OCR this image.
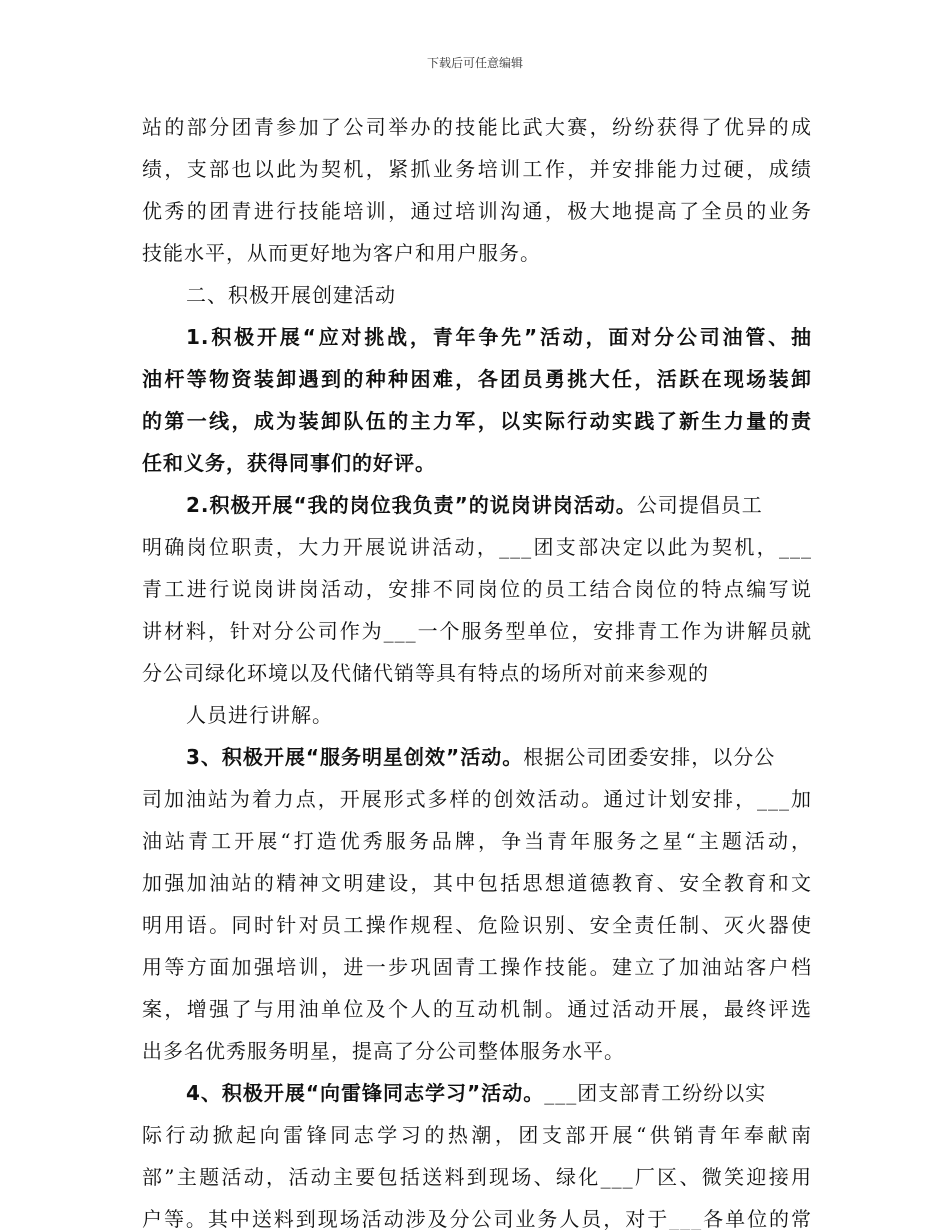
下载后可任意编辑
站的部分团青参加了公司举办的技能比武大赛，纷纷获得了优异的成
绩，支部也以此为契机，紧抓业务培训工作，并安排能力过硬，成绩
优秀的团青进行技能培训，通过培训沟通，极大地提高了全员的业务
技能水平，从而更好地为客户和用户服务。
二、积极开展创建活动
1.积极开展“应对挑战，青年争先”活动，面对分公司油管、抽
油杆等物资装卸遇到的种种困难，各团员勇挑大任，活跃在现场装卸
的第一线，成为装卸队伍的主力军，以实际行动实践了新生力量的责
任和义务，获得同事们的好评。
2.积极开展“我的岗位我负责”的说岗讲岗活动。公司提倡员工
明确岗位职责，大力开展说讲活动，___团支部决定以此为契机，___
青工进行说岗讲岗活动，安排不同岗位的员工结合岗位的特点编写说
讲材料，针对分公司作为___一个服务型单位，安排青工作为讲解员就
分公司绿化环境以及代储代销等具有特点的场所对前来参观的
人员进行讲解。
3、积极开展“服务明星创效”活动。根据公司团委安排，以分公
司加油站为着力点，开展形式多样的创效活动。通过计划安排，___加
油站青工开展“打造优秀服务品牌，争当青年服务之星“主题活动，
加强加油站的精神文明建设，其中包括思想道德教育、安全教育和文
明用语。同时针对员工操作规程、危险识别、安全责任制、灭火器使
用等方面加强培训，进一步巩固青工操作技能。建立了加油站客户档
案，增强了与用油单位及个人的互动机制。通过活动开展，最终评选
出多名优秀服务明星，提高了分公司整体服务水平。
4、积极开展“向雷锋同志学习”活动。___团支部青工纷纷以实
际行动掀起向雷锋同志学习的热潮，团支部开展“供销青年奉献南
部”主题活动，活动主要包括送料到现场、绿化___厂区、微笑迎接用
户等。其中送料到现场活动涉及分公司业务人员，对于___各单位的常
